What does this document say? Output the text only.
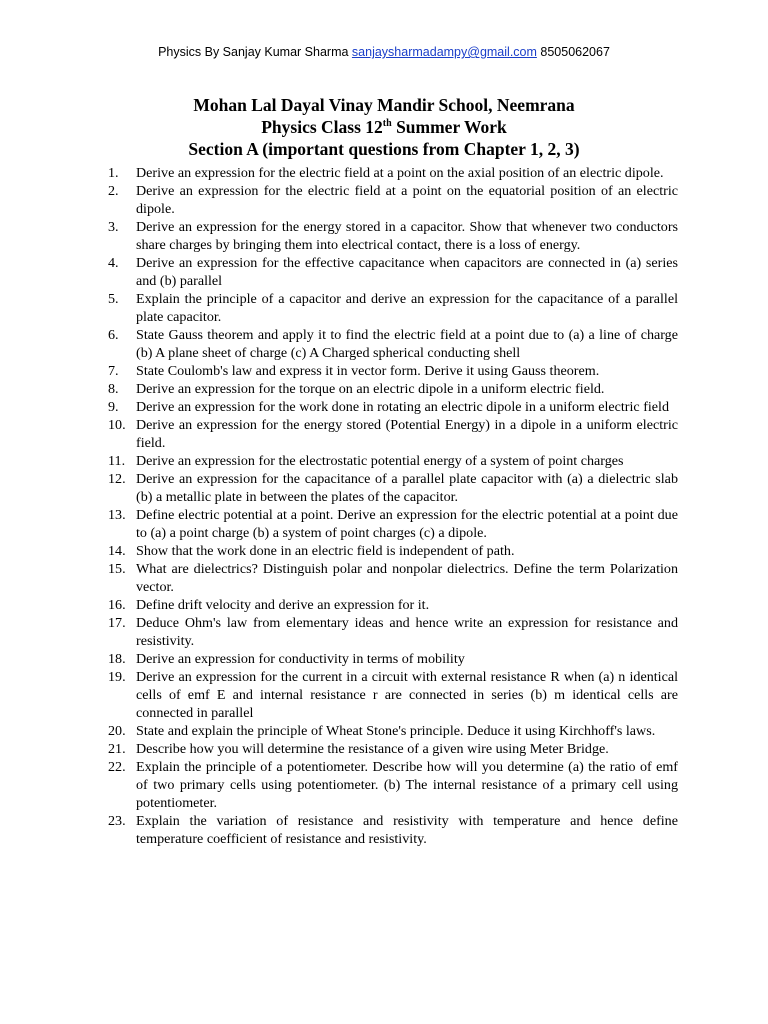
Physics By Sanjay Kumar Sharma sanjaysharmadampy@gmail.com 8505062067
Mohan Lal Dayal Vinay Mandir School, Neemrana
Physics Class 12th Summer Work
Section A (important questions from Chapter 1, 2, 3)
1.	Derive an expression for the electric field at a point on the axial position of an electric dipole.
2.	Derive an expression for the electric field at a point on the equatorial position of an electric dipole.
3.	Derive an expression for the energy stored in a capacitor. Show that whenever two conductors share charges by bringing them into electrical contact, there is a loss of energy.
4.	Derive an expression for the effective capacitance when capacitors are connected in (a) series and (b) parallel
5.	Explain the principle of a capacitor and derive an expression for the capacitance of a parallel plate capacitor.
6.	State Gauss theorem and apply it to find the electric field at a point due to (a) a line of charge (b) A plane sheet of charge (c) A Charged spherical conducting shell
7.	State Coulomb's law and express it in vector form. Derive it using Gauss theorem.
8.	Derive an expression for the torque on an electric dipole in a uniform electric field.
9.	Derive an expression for the work done in rotating an electric dipole in a uniform electric field
10. Derive an expression for the energy stored (Potential Energy) in a dipole in a uniform electric field.
11. Derive an expression for the electrostatic potential energy of a system of point charges
12. Derive an expression for the capacitance of a parallel plate capacitor with (a) a dielectric slab (b) a metallic plate in between the plates of the capacitor.
13. Define electric potential at a point. Derive an expression for the electric potential at a point due to (a) a point charge (b) a system of point charges (c) a dipole.
14. Show that the work done in an electric field is independent of path.
15. What are dielectrics? Distinguish polar and nonpolar dielectrics. Define the term Polarization vector.
16. Define drift velocity and derive an expression for it.
17. Deduce Ohm's law from elementary ideas and hence write an expression for resistance and resistivity.
18. Derive an expression for conductivity in terms of mobility
19. Derive an expression for the current in a circuit with external resistance R when (a) n identical cells of emf E and internal resistance r are connected in series (b) m identical cells are connected in parallel
20. State and explain the principle of Wheat Stone's principle. Deduce it using Kirchhoff's laws.
21. Describe how you will determine the resistance of a given wire using Meter Bridge.
22. Explain the principle of a potentiometer. Describe how will you determine (a) the ratio of emf of two primary cells using potentiometer. (b) The internal resistance of a primary cell using potentiometer.
23. Explain the variation of resistance and resistivity with temperature and hence define temperature coefficient of resistance and resistivity.
